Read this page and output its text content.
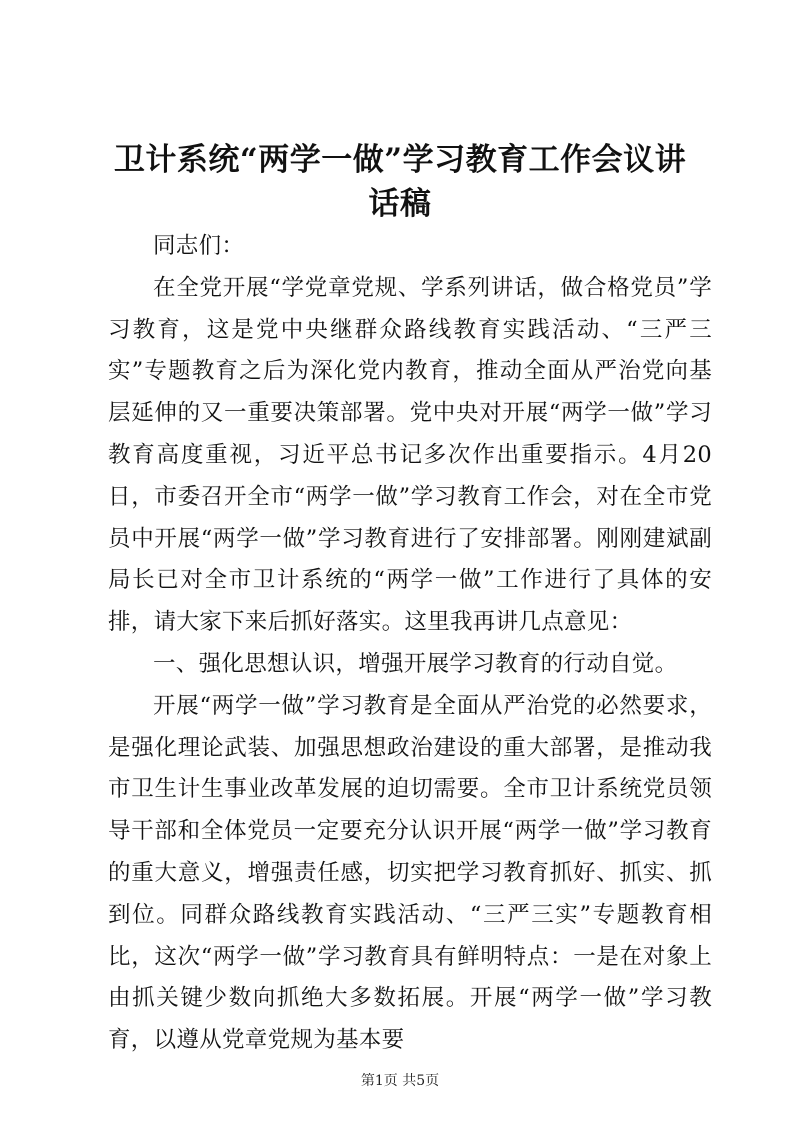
卫计系统“两学一做”学习教育工作会议讲话稿

同志们：

在全党开展“学党章党规、学系列讲话，做合格党员”学习教育，这是党中央继群众路线教育实践活动、“三严三实”专题教育之后为深化党内教育，推动全面从严治党向基层延伸的又一重要决策部署。党中央对开展“两学一做”学习教育高度重视，习近平总书记多次作出重要指示。4月20日，市委召开全市“两学一做”学习教育工作会，对在全市党员中开展“两学一做”学习教育进行了安排部署。刚刚建斌副局长已对全市卫计系统的“两学一做”工作进行了具体的安排，请大家下来后抓好落实。这里我再讲几点意见：

一、强化思想认识，增强开展学习教育的行动自觉。

开展“两学一做”学习教育是全面从严治党的必然要求，是强化理论武装、加强思想政治建设的重大部署，是推动我市卫生计生事业改革发展的迫切需要。全市卫计系统党员领导干部和全体党员一定要充分认识开展“两学一做”学习教育的重大意义，增强责任感，切实把学习教育抓好、抓实、抓到位。同群众路线教育实践活动、“三严三实”专题教育相比，这次“两学一做”学习教育具有鲜明特点：一是在对象上由抓关键少数向抓绝大多数拓展。开展“两学一做”学习教育，以遵从党章党规为基本要

第1页 共5页
